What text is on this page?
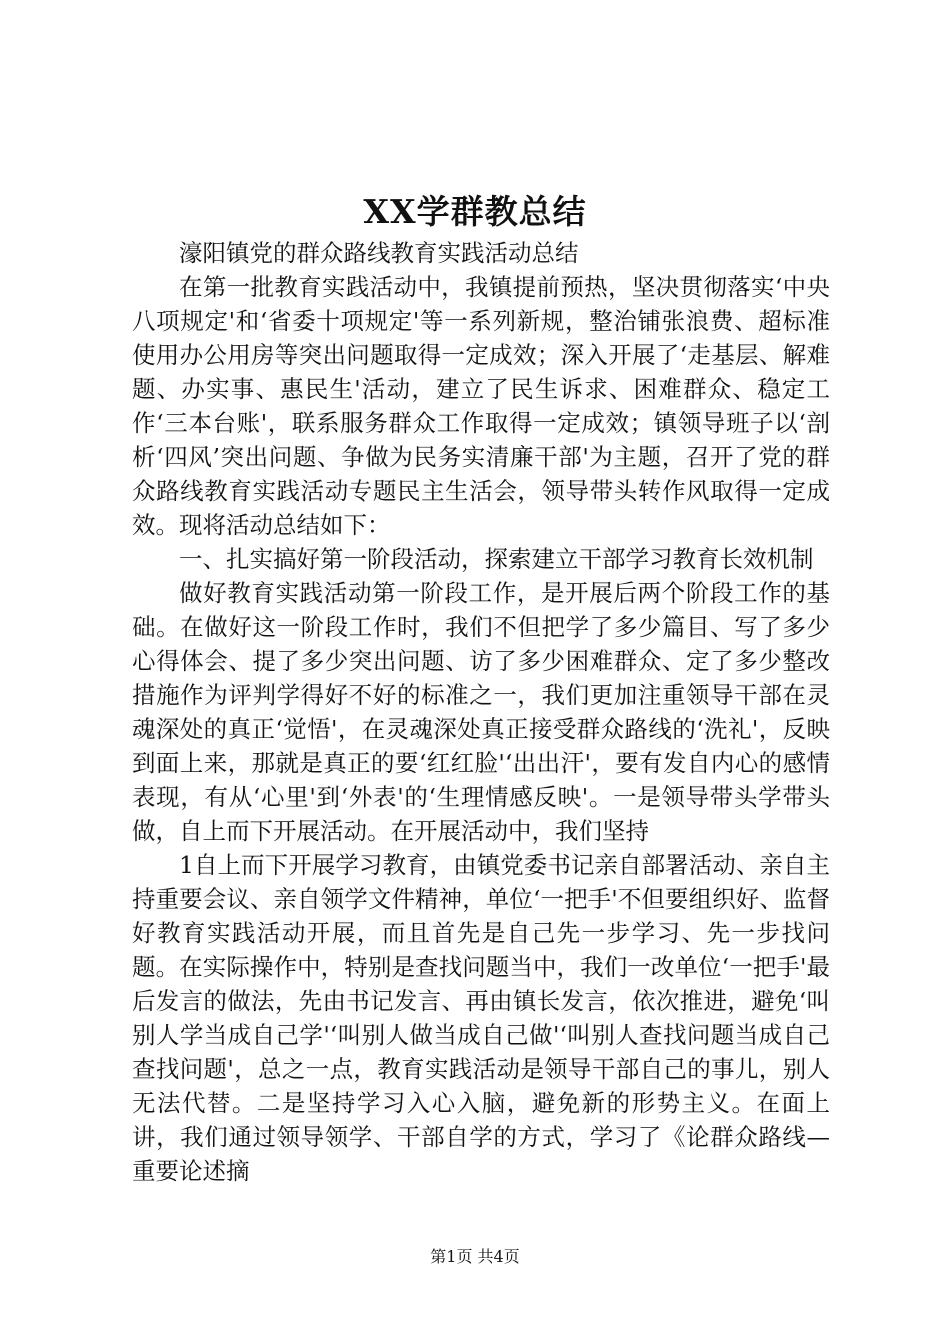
XX学群教总结

濠阳镇党的群众路线教育实践活动总结

在第一批教育实践活动中，我镇提前预热，坚决贯彻落实‘中央八项规定'和‘省委十项规定'等一系列新规，整治铺张浪费、超标准使用办公用房等突出问题取得一定成效；深入开展了‘走基层、解难题、办实事、惠民生'活动，建立了民生诉求、困难群众、稳定工作‘三本台账'，联系服务群众工作取得一定成效；镇领导班子以‘剖析‘四风’突出问题、争做为民务实清廉干部'为主题，召开了党的群众路线教育实践活动专题民主生活会，领导带头转作风取得一定成效。现将活动总结如下：

一、扎实搞好第一阶段活动，探索建立干部学习教育长效机制

做好教育实践活动第一阶段工作，是开展后两个阶段工作的基础。在做好这一阶段工作时，我们不但把学了多少篇目、写了多少心得体会、提了多少突出问题、访了多少困难群众、定了多少整改措施作为评判学得好不好的标准之一，我们更加注重领导干部在灵魂深处的真正‘觉悟'，在灵魂深处真正接受群众路线的‘洗礼'，反映到面上来，那就是真正的要‘红红脸'‘出出汗'，要有发自内心的感情表现，有从‘心里'到‘外表'的‘生理情感反映'。一是领导带头学带头做，自上而下开展活动。在开展活动中，我们坚持

1自上而下开展学习教育，由镇党委书记亲自部署活动、亲自主持重要会议、亲自领学文件精神，单位‘一把手'不但要组织好、监督好教育实践活动开展，而且首先是自己先一步学习、先一步找问题。在实际操作中，特别是查找问题当中，我们一改单位‘一把手'最后发言的做法，先由书记发言、再由镇长发言，依次推进，避免‘叫别人学当成自己学'‘叫别人做当成自己做'‘叫别人查找问题当成自己查找问题'，总之一点，教育实践活动是领导干部自己的事儿，别人无法代替。二是坚持学习入心入脑，避免新的形势主义。在面上讲，我们通过领导领学、干部自学的方式，学习了《论群众路线—重要论述摘

第1页 共4页
